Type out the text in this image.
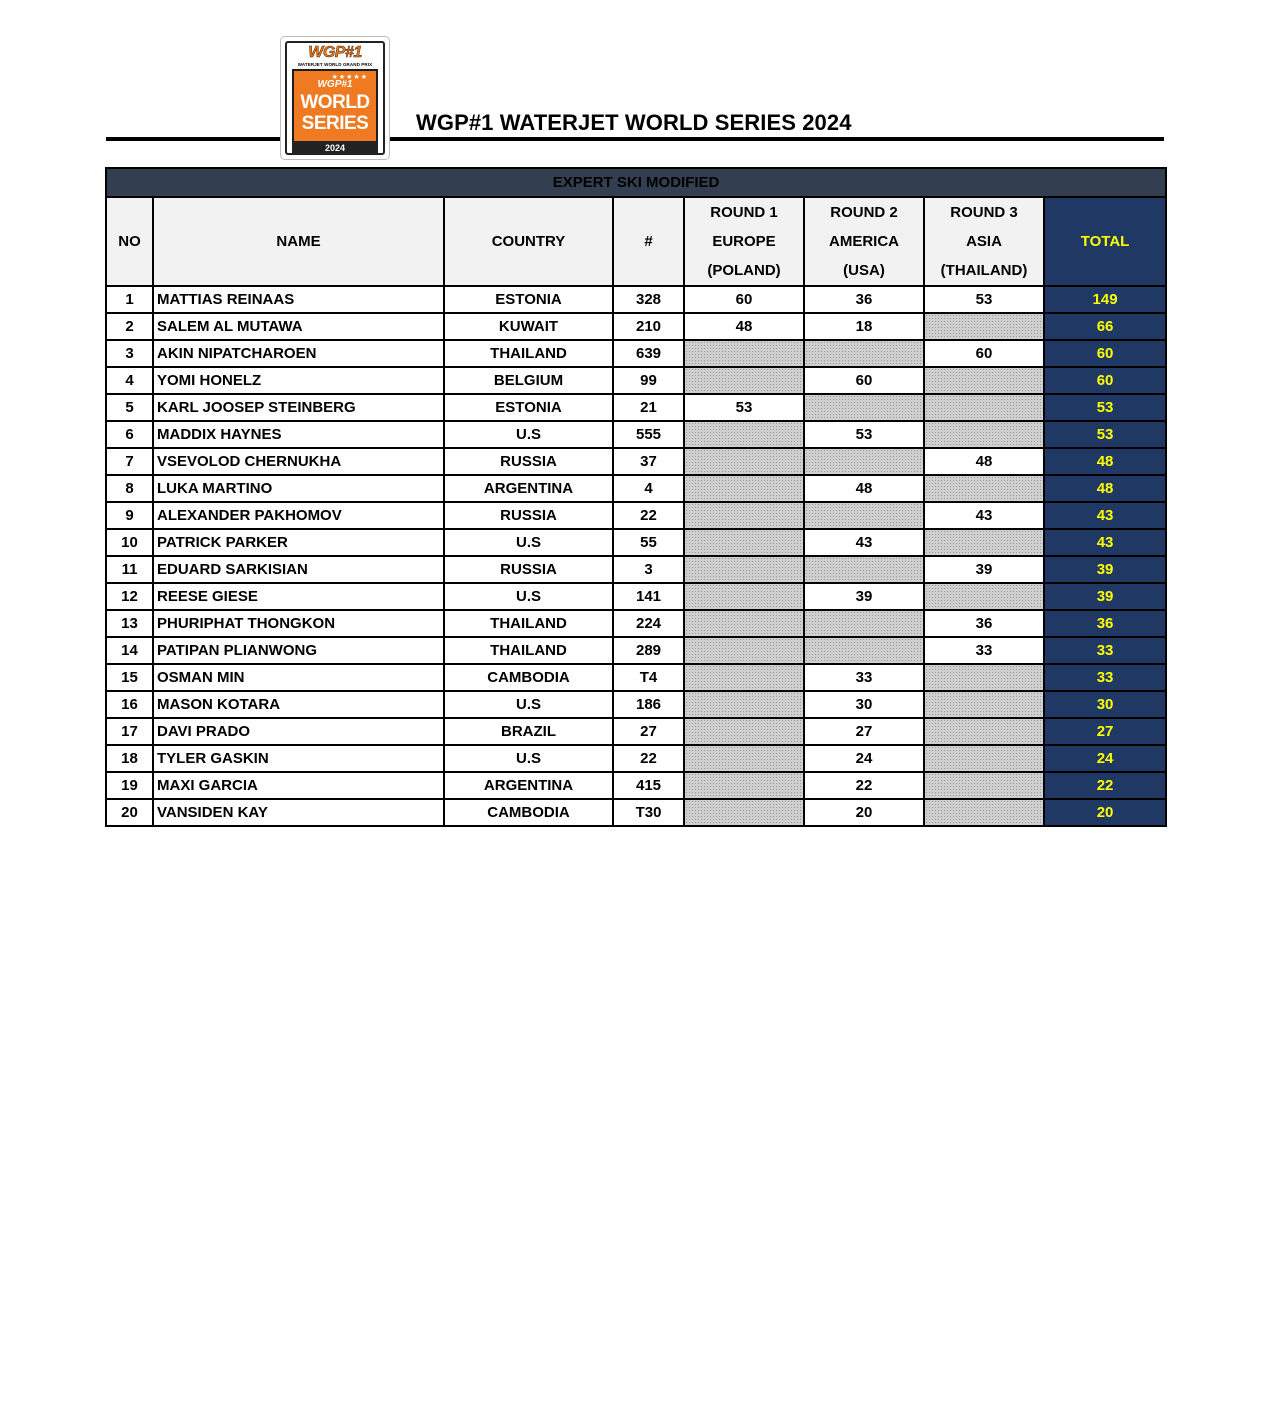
WGP#1
WATERJET WORLD GRAND PRIX
★★★★★
WGP#1
WORLD
SERIES
2024
WGP#1 WATERJET WORLD SERIES 2024
EXPERT SKI MODIFIED							
NO	NAME	COUNTRY	#	ROUND 1
EUROPE
(POLAND)	ROUND 2
AMERICA
(USA)	ROUND 3
ASIA
(THAILAND)	TOTAL
1	MATTIAS REINAAS	ESTONIA	328	60	36	53	149
2	SALEM AL MUTAWA	KUWAIT	210	48	18		66
3	AKIN NIPATCHAROEN	THAILAND	639			60	60
4	YOMI HONELZ	BELGIUM	99		60		60
5	KARL JOOSEP STEINBERG	ESTONIA	21	53			53
6	MADDIX HAYNES	U.S	555		53		53
7	VSEVOLOD CHERNUKHA	RUSSIA	37			48	48
8	LUKA MARTINO	ARGENTINA	4		48		48
9	ALEXANDER PAKHOMOV	RUSSIA	22			43	43
10	PATRICK PARKER	U.S	55		43		43
11	EDUARD SARKISIAN	RUSSIA	3			39	39
12	REESE GIESE	U.S	141		39		39
13	PHURIPHAT THONGKON	THAILAND	224			36	36
14	PATIPAN PLIANWONG	THAILAND	289			33	33
15	OSMAN MIN	CAMBODIA	T4		33		33
16	MASON KOTARA	U.S	186		30		30
17	DAVI PRADO	BRAZIL	27		27		27
18	TYLER GASKIN	U.S	22		24		24
19	MAXI GARCIA	ARGENTINA	415		22		22
20	VANSIDEN KAY	CAMBODIA	T30		20		20
